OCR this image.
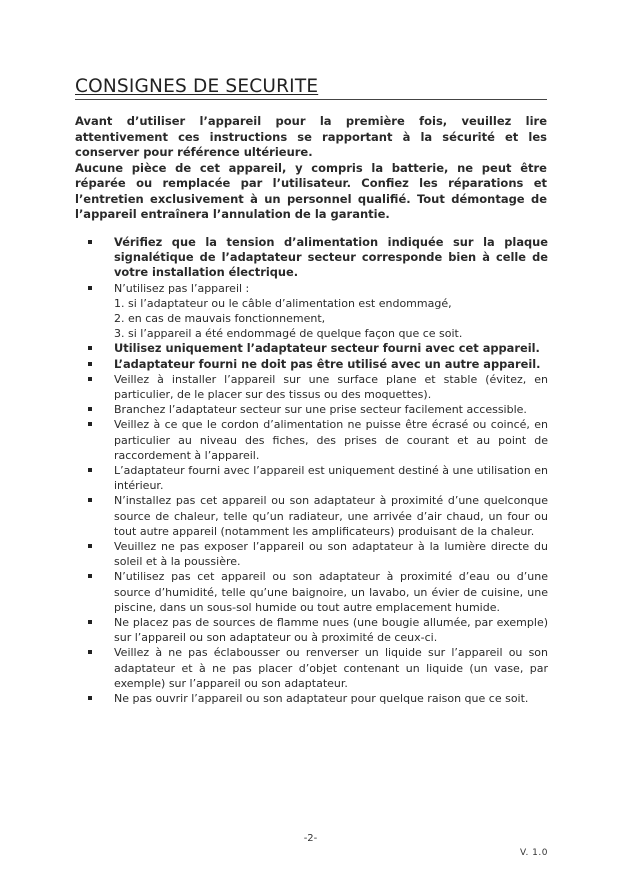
CONSIGNES DE SECURITE

Avant d’utiliser l’appareil pour la première fois, veuillez lire attentivement ces instructions se rapportant à la sécurité et les conserver pour référence ultérieure.

Aucune pièce de cet appareil, y compris la batterie, ne peut être réparée ou remplacée par l’utilisateur. Confiez les réparations et l’entretien exclusivement à un personnel qualifié. Tout démontage de l’appareil entraînera l’annulation de la garantie.

Vérifiez que la tension d’alimentation indiquée sur la plaque signalétique de l’adaptateur secteur corresponde bien à celle de votre installation électrique.
N’utilisez pas l’appareil :
1. si l’adaptateur ou le câble d’alimentation est endommagé,
2. en cas de mauvais fonctionnement,
3. si l’appareil a été endommagé de quelque façon que ce soit.
Utilisez uniquement l’adaptateur secteur fourni avec cet appareil.
L’adaptateur fourni ne doit pas être utilisé avec un autre appareil.
Veillez à installer l’appareil sur une surface plane et stable (évitez, en particulier, de le placer sur des tissus ou des moquettes).
Branchez l’adaptateur secteur sur une prise secteur facilement accessible.
Veillez à ce que le cordon d’alimentation ne puisse être écrasé ou coincé, en particulier au niveau des fiches, des prises de courant et au point de raccordement à l’appareil.
L’adaptateur fourni avec l’appareil est uniquement destiné à une utilisation en intérieur.
N’installez pas cet appareil ou son adaptateur à proximité d’une quelconque source de chaleur, telle qu’un radiateur, une arrivée d’air chaud, un four ou tout autre appareil (notamment les amplificateurs) produisant de la chaleur.
Veuillez ne pas exposer l’appareil ou son adaptateur à la lumière directe du soleil et à la poussière.
N’utilisez pas cet appareil ou son adaptateur à proximité d’eau ou d’une source d’humidité, telle qu’une baignoire, un lavabo, un évier de cuisine, une piscine, dans un sous-sol humide ou tout autre emplacement humide.
Ne placez pas de sources de flamme nues (une bougie allumée, par exemple) sur l’appareil ou son adaptateur ou à proximité de ceux-ci.
Veillez à ne pas éclabousser ou renverser un liquide sur l’appareil ou son adaptateur et à ne pas placer d’objet contenant un liquide (un vase, par exemple) sur l’appareil ou son adaptateur.
Ne pas ouvrir l’appareil ou son adaptateur pour quelque raison que ce soit.
-2-
V. 1.0
